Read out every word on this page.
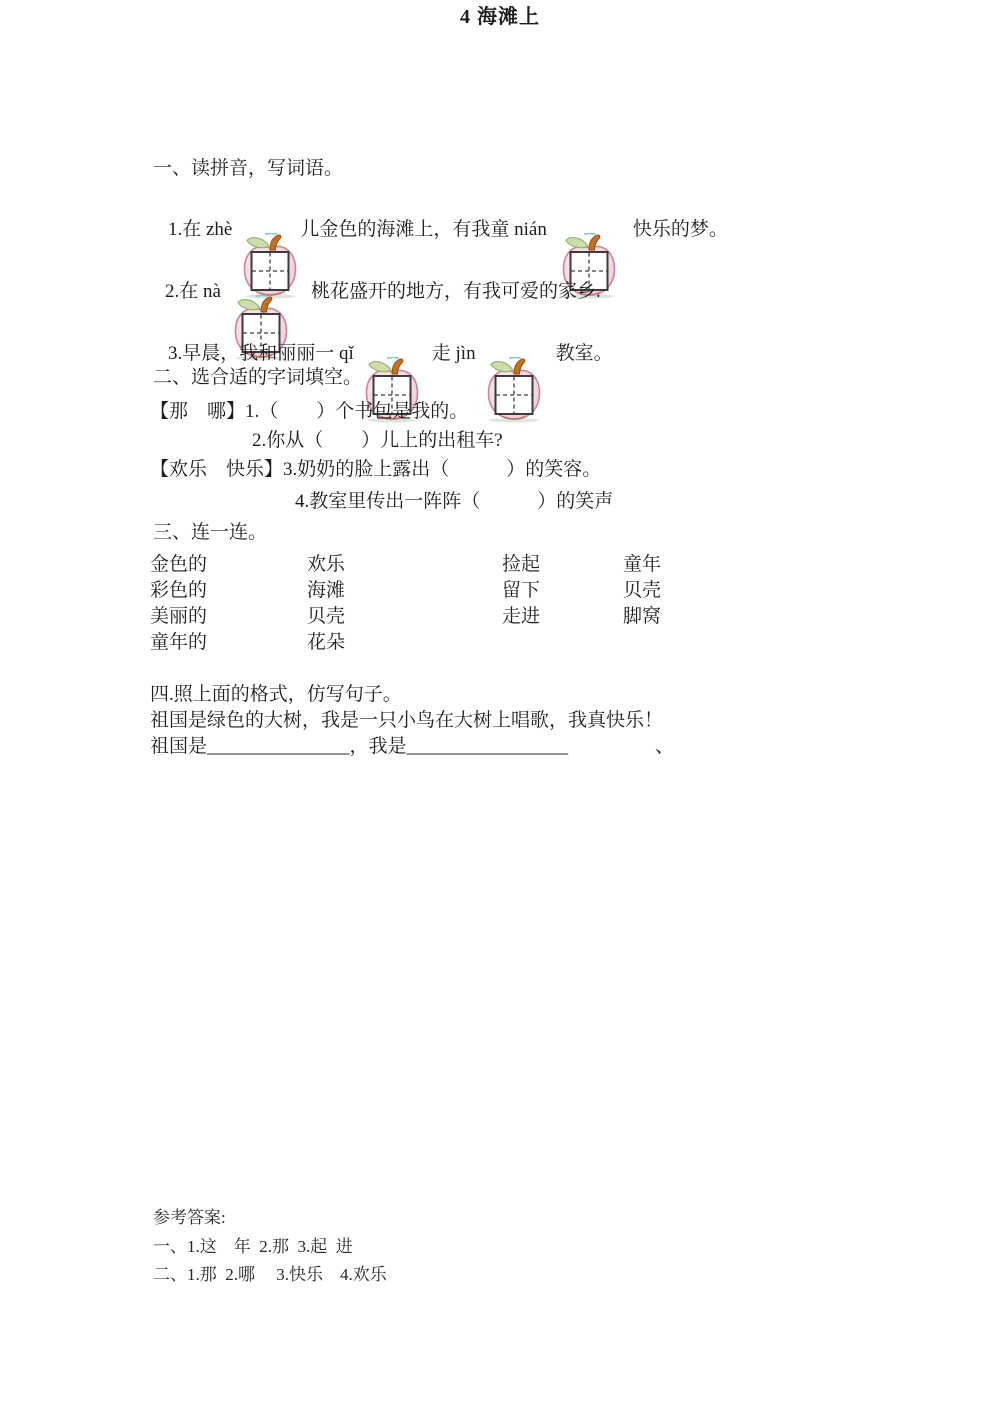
4 海滩上
一、读拼音，写词语。
1.在 zhè

	儿金色的海滩上，有我童 nián

	快乐的梦。
2.在 nà

	桃花盛开的地方，有我可爱的家乡.
3.早晨，我和丽丽一 qǐ

	走 jìn

	教室。
二、选合适的字词填空。
【那　哪】1.（　　）个书包是我的。
2.你从（　　）儿上的出租车?
【欢乐　快乐】3.奶奶的脸上露出（　　　）的笑容。
4.教室里传出一阵阵（　　　）的笑声
三、连一连。
金色的	欢乐	捡起	童年
彩色的	海滩	留下	贝壳
美丽的	贝壳	走进	脚窝
童年的	花朵
四.照上面的格式，仿写句子。
祖国是绿色的大树，我是一只小鸟在大树上唱歌，我真快乐！
祖国是_______________，我是_________________	、
参考答案:
一、1.这    年  2.那  3.起  进
二、1.那  2.哪     3.快乐    4.欢乐
